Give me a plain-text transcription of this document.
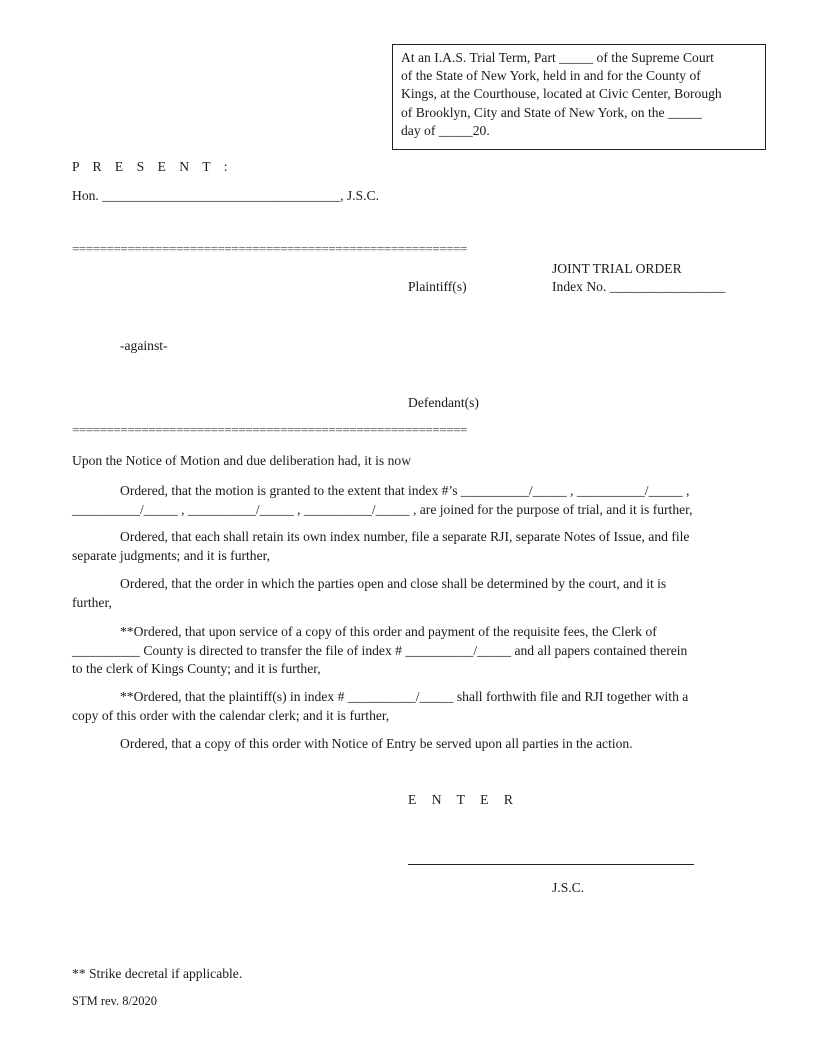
At an I.A.S. Trial Term, Part _____ of the Supreme Court
of the State of New York, held in and for the County of
Kings, at the Courthouse, located at Civic Center, Borough
of Brooklyn, City and State of New York, on the _____
day of _____20.
P R E S E N T :
Hon. ___________________________________, J.S.C.
=========================================================
JOINT TRIAL ORDER
Plaintiff(s)	Index No. _________________
-against-
Defendant(s)
=========================================================
Upon the Notice of Motion and due deliberation had, it is now
Ordered, that the motion is granted to the extent that index #’s __________/_____ , __________/_____ ,
__________/_____ , __________/_____ , __________/_____ , are joined for the purpose of trial, and it is further,
Ordered, that each shall retain its own index number, file a separate RJI, separate Notes of Issue, and file
separate judgments; and it is further,
Ordered, that the order in which the parties open and close shall be determined by the court, and it is
further,
**Ordered, that upon service of a copy of this order and payment of the requisite fees, the Clerk of
__________ County is directed to transfer the file of index # __________/_____ and all papers contained therein
to the clerk of Kings County; and it is further,
**Ordered, that the plaintiff(s) in index # __________/_____ shall forthwith file and RJI together with a
copy of this order with the calendar clerk; and it is further,
Ordered, that a copy of this order with Notice of Entry be served upon all parties in the action.
E N T E R
J.S.C.
** Strike decretal if applicable.
STM rev. 8/2020
